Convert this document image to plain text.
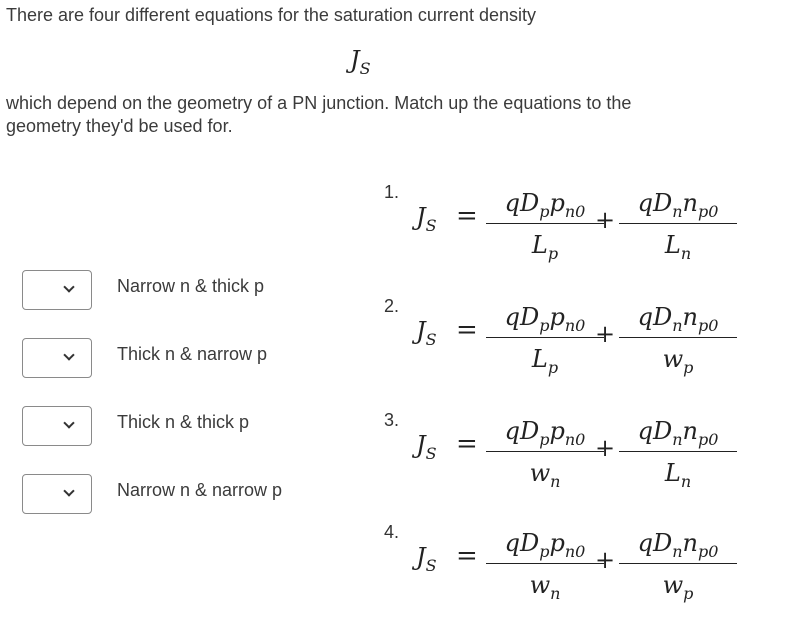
There are four different equations for the saturation current density
$J_S$
which depend on the geometry of a PN junction. Match up the equations to the geometry they'd be used for.
Narrow n & thick p
Thick n & narrow p
Thick n & thick p
Narrow n & narrow p
1.
$J_S$ =	$qD_pp_{n0}$
$L_p$
+
$qD_nn_{p0}$
$L_n$
2.
$J_S$ =	$qD_pp_{n0}$
$L_p$
+
$qD_nn_{p0}$
$w_p$
3.
$J_S$ =	$qD_pp_{n0}$
$w_n$
+
$qD_nn_{p0}$
$L_n$
4.
$J_S$ =	$qD_pp_{n0}$
$w_n$
+
$qD_nn_{p0}$
$w_p$
